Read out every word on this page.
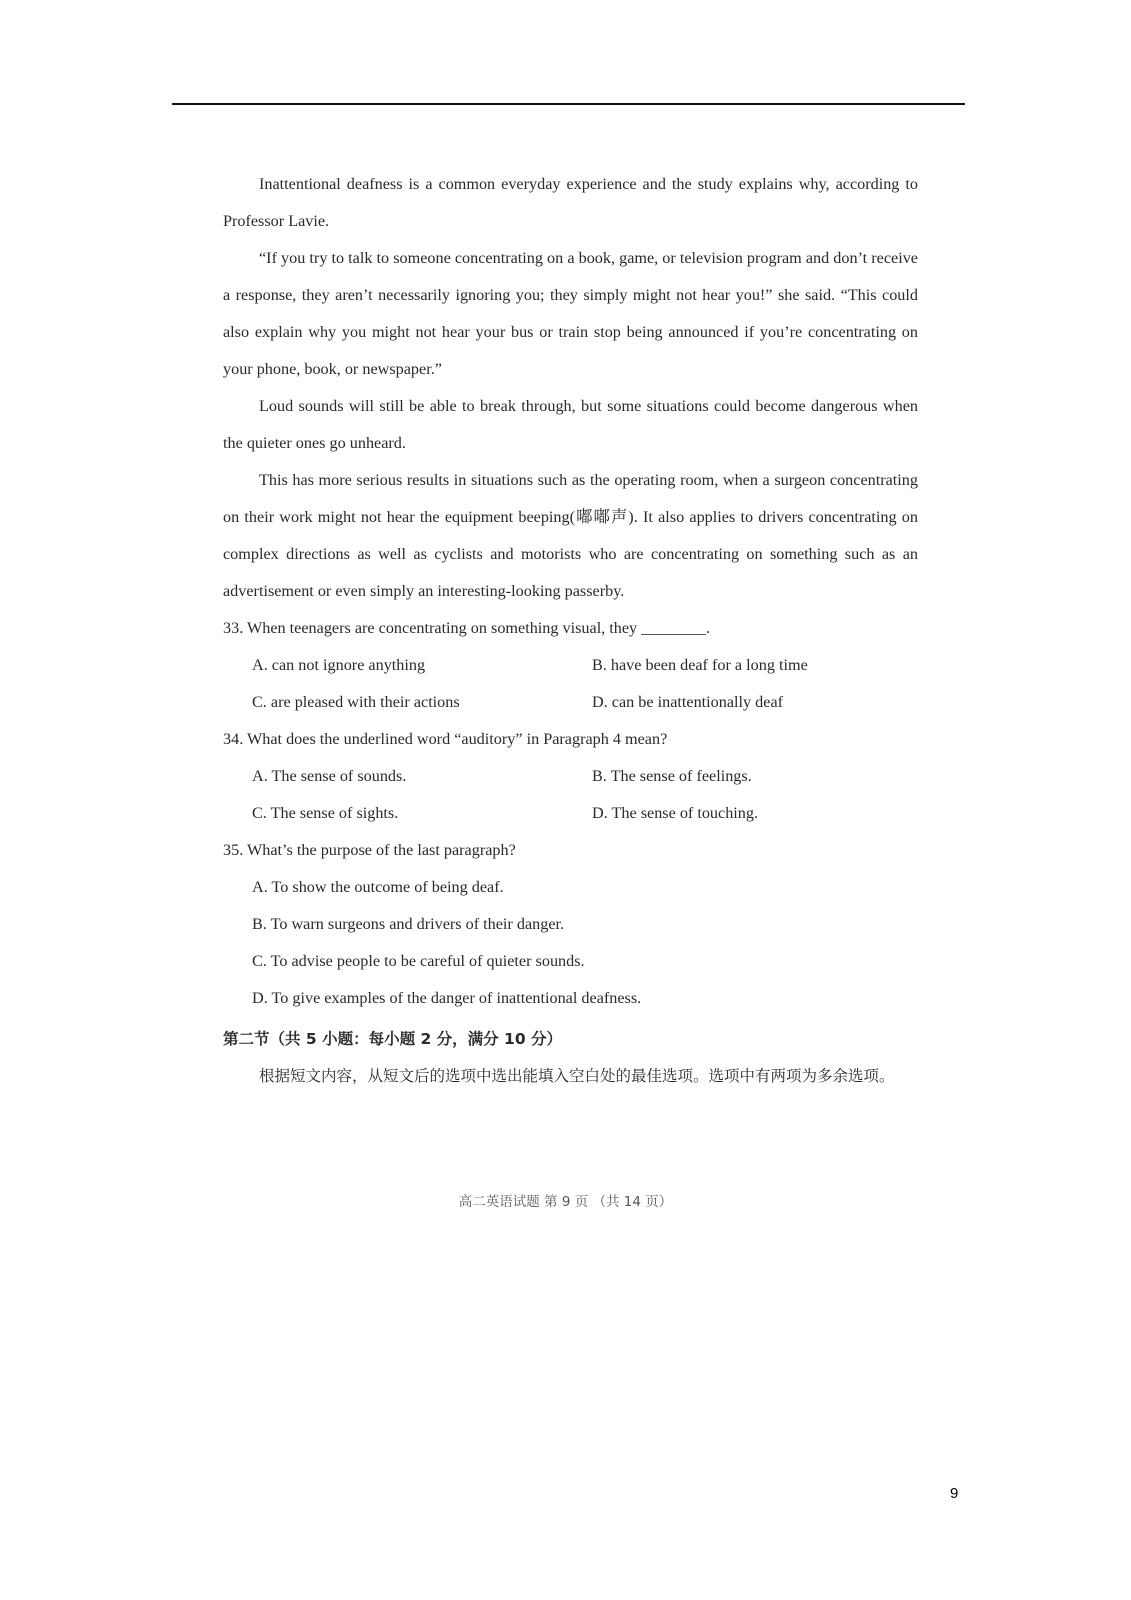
Inattentional deafness is a common everyday experience and the study explains why, according to Professor Lavie.

“If you try to talk to someone concentrating on a book, game, or television program and don’t receive a response, they aren’t necessarily ignoring you; they simply might not hear you!” she said. “This could also explain why you might not hear your bus or train stop being announced if you’re concentrating on your phone, book, or newspaper.”

Loud sounds will still be able to break through, but some situations could become dangerous when the quieter ones go unheard.

This has more serious results in situations such as the operating room, when a surgeon concentrating on their work might not hear the equipment beeping(嘟嘟声). It also applies to drivers concentrating on complex directions as well as cyclists and motorists who are concentrating on something such as an advertisement or even simply an interesting-looking passerby.

33. When teenagers are concentrating on something visual, they ________.

A. can not ignore anything	B. have been deaf for a long time
C. are pleased with their actions	D. can be inattentionally deaf

34. What does the underlined word “auditory” in Paragraph 4 mean?

A. The sense of sounds.	B. The sense of feelings.
C. The sense of sights.	D. The sense of touching.

35. What’s the purpose of the last paragraph?

A. To show the outcome of being deaf.
B. To warn surgeons and drivers of their danger.
C. To advise people to be careful of quieter sounds.
D. To give examples of the danger of inattentional deafness.
第二节（共 5 小题：每小题 2 分，满分 10 分）

根据短文内容，从短文后的选项中选出能填入空白处的最佳选项。选项中有两项为多余选项。

高二英语试题 第 9 页 （共 14 页）
9
